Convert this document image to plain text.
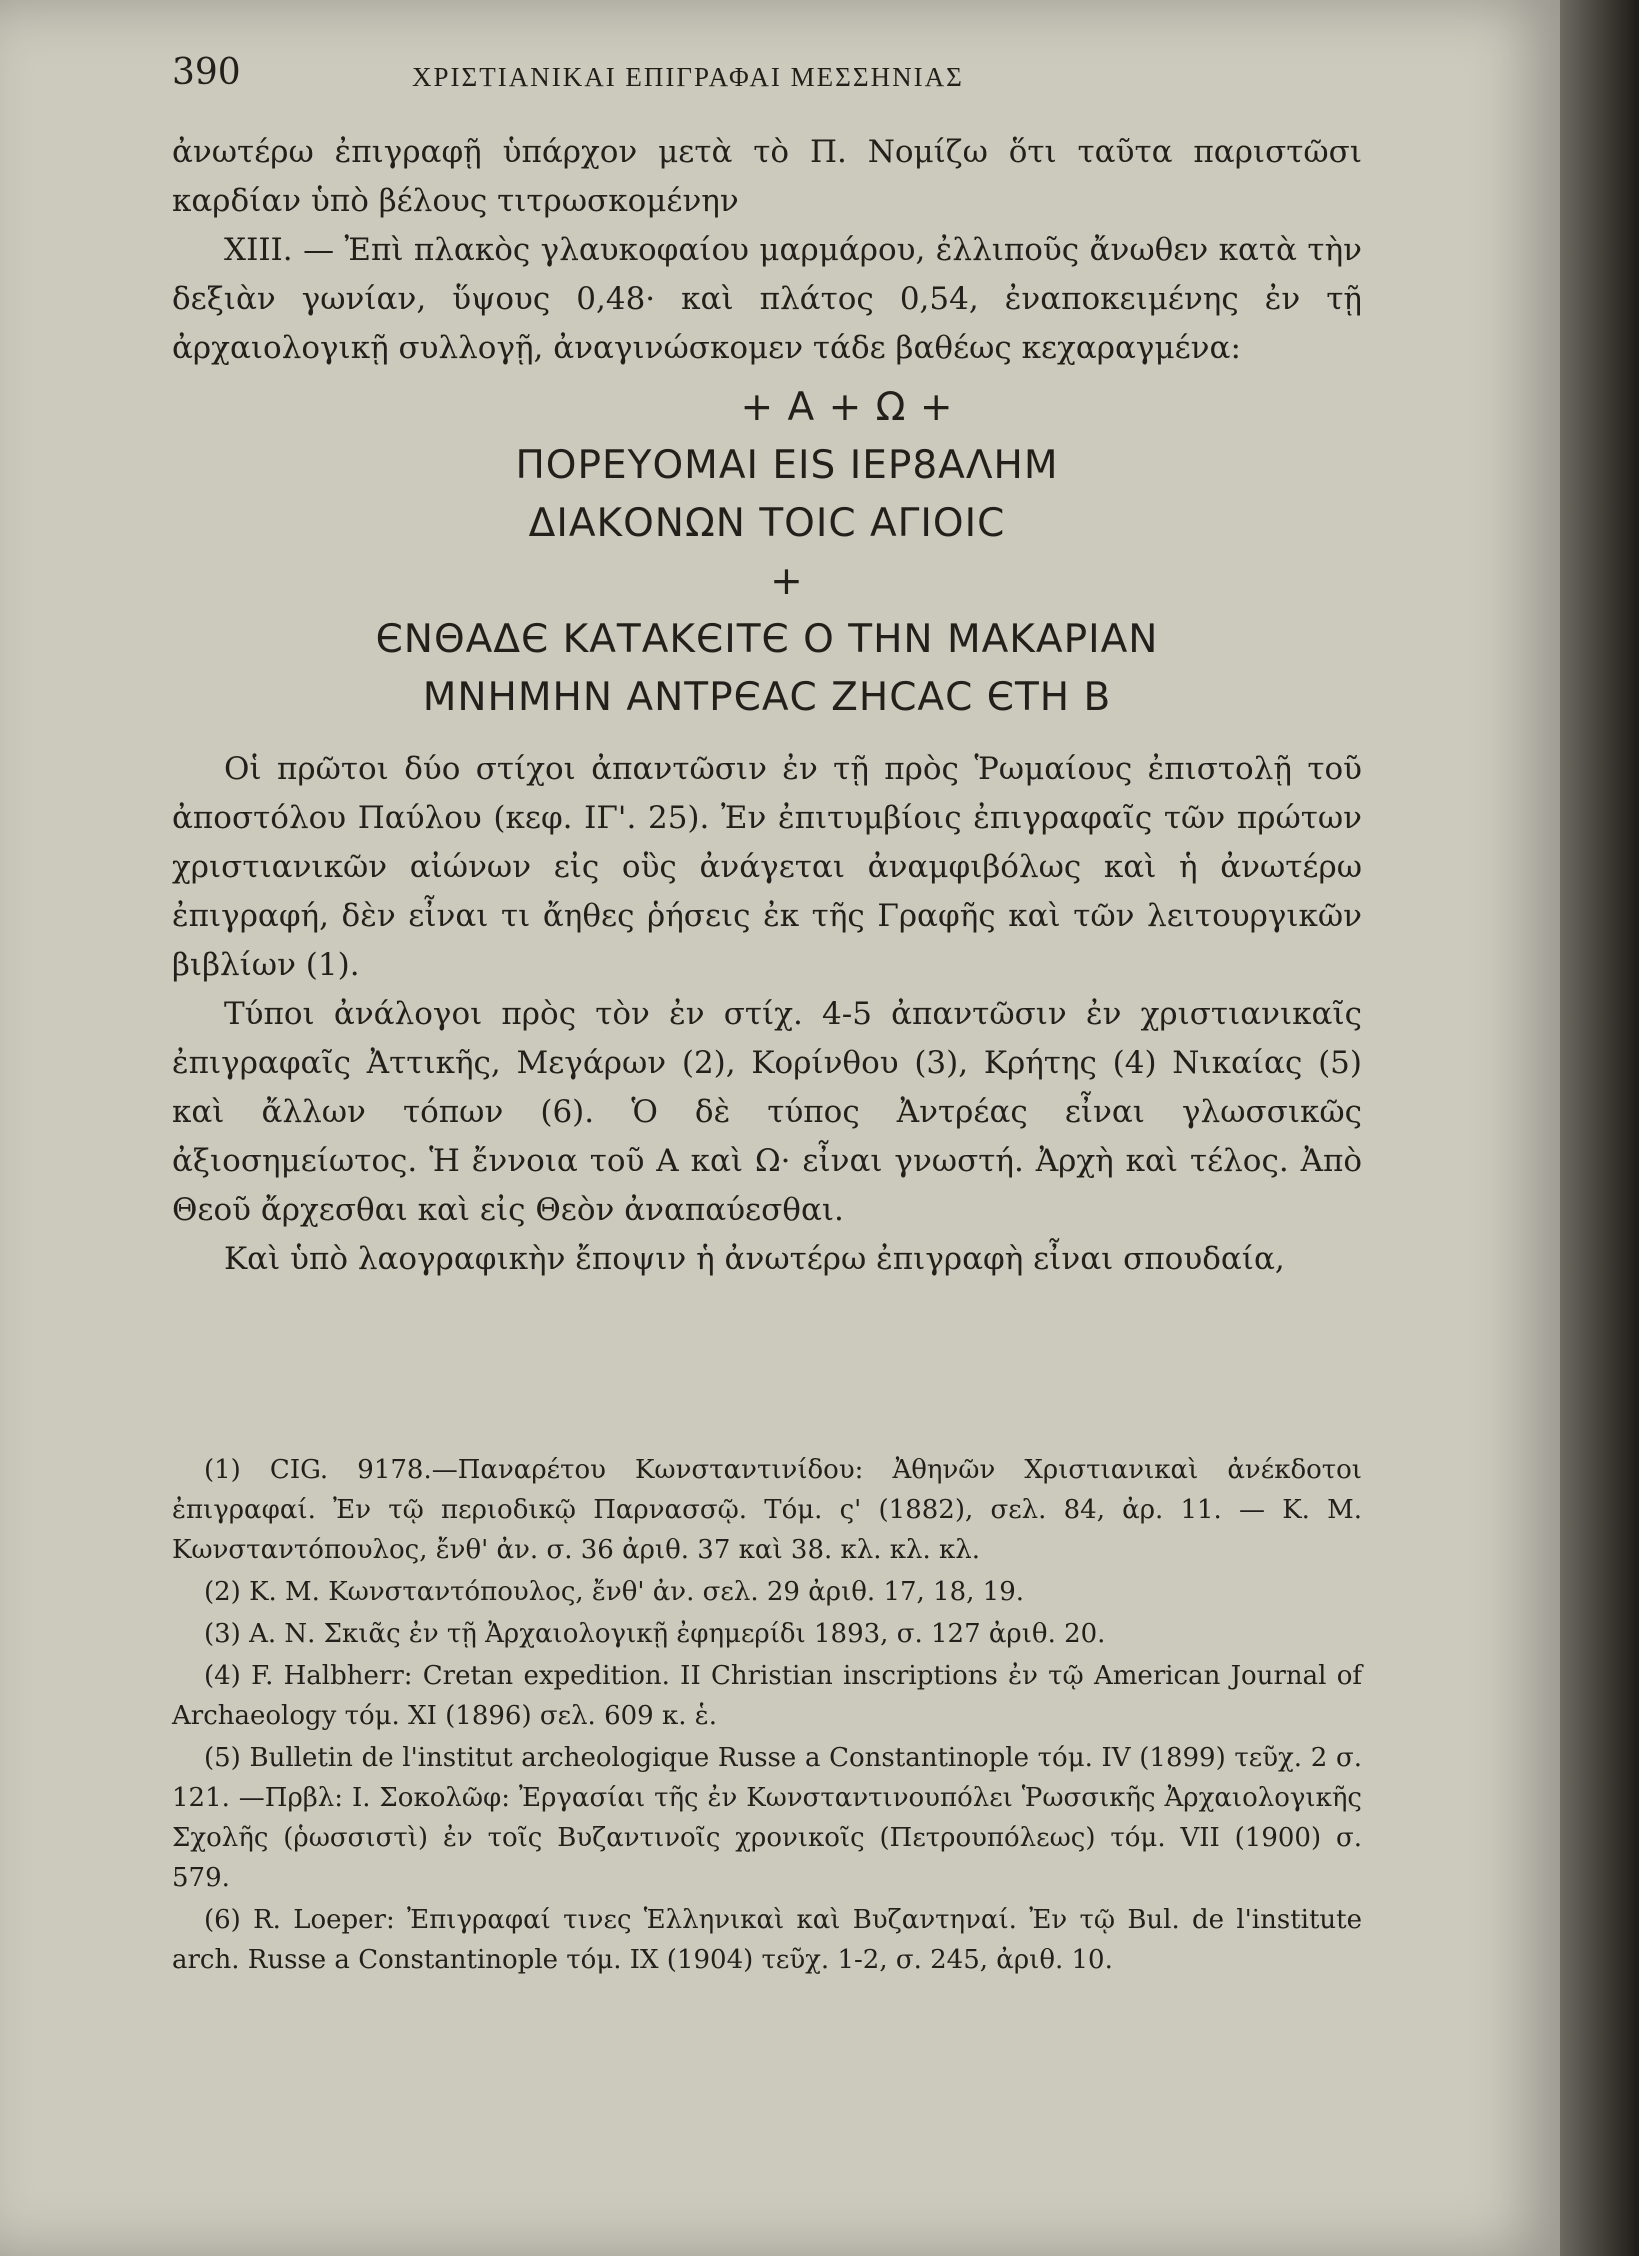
390	ΧΡΙΣΤΙΑΝΙΚΑΙ ΕΠΙΓΡΑΦΑΙ ΜΕΣΣΗΝΙΑΣ

ἀνωτέρω ἐπιγραφῇ ὑπάρχον μετὰ τὸ Π. Νομίζω ὅτι ταῦτα παριστῶσι καρδίαν ὑπὸ βέλους τιτρωσκομένην

XIII. — Ἐπὶ πλακὸς γλαυκοφαίου μαρμάρου, ἐλλιποῦς ἄνωθεν κατὰ τὴν δεξιὰν γωνίαν, ὕψους 0,48· καὶ πλάτος 0,54, ἐναποκειμένης ἐν τῇ ἀρχαιολογικῇ συλλογῇ, ἀναγινώσκομεν τάδε βαθέως κεχαραγμένα:

+ A + Ω +
ΠΟΡΕΥΟΜΑΙ ΕΙS ΙΕΡ8ΑΛΗΜ
ΔΙΑΚΟΝΩΝ ΤΟΙC ΑΓΙΟΙC
+
ЄΝΘΑΔЄ ΚΑΤΑΚЄΙΤЄ Ο ΤΗΝ ΜΑΚΑΡΙΑΝ
ΜΝΗΜΗΝ ΑΝΤΡЄΑC ΖΗCΑC ЄΤΗ Β

Οἱ πρῶτοι δύο στίχοι ἀπαντῶσιν ἐν τῇ πρὸς Ῥωμαίους ἐπιστολῇ τοῦ ἀποστόλου Παύλου (κεφ. ΙΓ'. 25). Ἐν ἐπιτυμβίοις ἐπιγραφαῖς τῶν πρώτων χριστιανικῶν αἰώνων εἰς οὓς ἀνάγεται ἀναμφιβόλως καὶ ἡ ἀνωτέρω ἐπιγραφή, δὲν εἶναι τι ἄηθες ῥήσεις ἐκ τῆς Γραφῆς καὶ τῶν λειτουργικῶν βιβλίων (1).

Τύποι ἀνάλογοι πρὸς τὸν ἐν στίχ. 4-5 ἀπαντῶσιν ἐν χριστιανικαῖς ἐπιγραφαῖς Ἀττικῆς, Μεγάρων (2), Κορίνθου (3), Κρήτης (4) Νικαίας (5) καὶ ἄλλων τόπων (6). Ὁ δὲ τύπος Ἀντρέας εἶναι γλωσσικῶς ἀξιοσημείωτος. Ἡ ἔννοια τοῦ Α καὶ Ω· εἶναι γνωστή. Ἀρχὴ καὶ τέλος. Ἀπὸ Θεοῦ ἄρχεσθαι καὶ εἰς Θεὸν ἀναπαύεσθαι.

Καὶ ὑπὸ λαογραφικὴν ἔποψιν ἡ ἀνωτέρω ἐπιγραφὴ εἶναι σπουδαία,

(1) CIG. 9178.—Παναρέτου Κωνσταντινίδου: Ἀθηνῶν Χριστιανικαὶ ἀνέκδοτοι ἐπιγραφαί. Ἐν τῷ περιοδικῷ Παρνασσῷ. Τόμ. ς' (1882), σελ. 84, ἀρ. 11. — Κ. Μ. Κωνσταντόπουλος, ἔνθ' ἀν. σ. 36 ἀριθ. 37 καὶ 38. κλ. κλ. κλ.

(2) Κ. Μ. Κωνσταντόπουλος, ἔνθ' ἀν. σελ. 29 ἀριθ. 17, 18, 19.

(3) Α. Ν. Σκιᾶς ἐν τῇ Ἀρχαιολογικῇ ἐφημερίδι 1893, σ. 127 ἀριθ. 20.

(4) F. Halbherr: Cretan expedition. II Christian inscriptions ἐν τῷ American Journal of Archaeology τόμ. XI (1896) σελ. 609 κ. ἑ.

(5) Bulletin de l'institut archeologique Russe a Constantinople τόμ. IV (1899) τεῦχ. 2 σ. 121. —Πρβλ: Ι. Σοκολῶφ: Ἐργασίαι τῆς ἐν Κωνσταντινουπόλει Ῥωσσικῆς Ἀρχαιολογικῆς Σχολῆς (ῥωσσιστὶ) ἐν τοῖς Βυζαντινοῖς χρονικοῖς (Πετρουπόλεως) τόμ. VII (1900) σ. 579.

(6) R. Loeper: Ἐπιγραφαί τινες Ἑλληνικαὶ καὶ Βυζαντηναί. Ἐν τῷ Bul. de l'institute arch. Russe a Constantinople τόμ. IX (1904) τεῦχ. 1-2, σ. 245, ἀριθ. 10.
